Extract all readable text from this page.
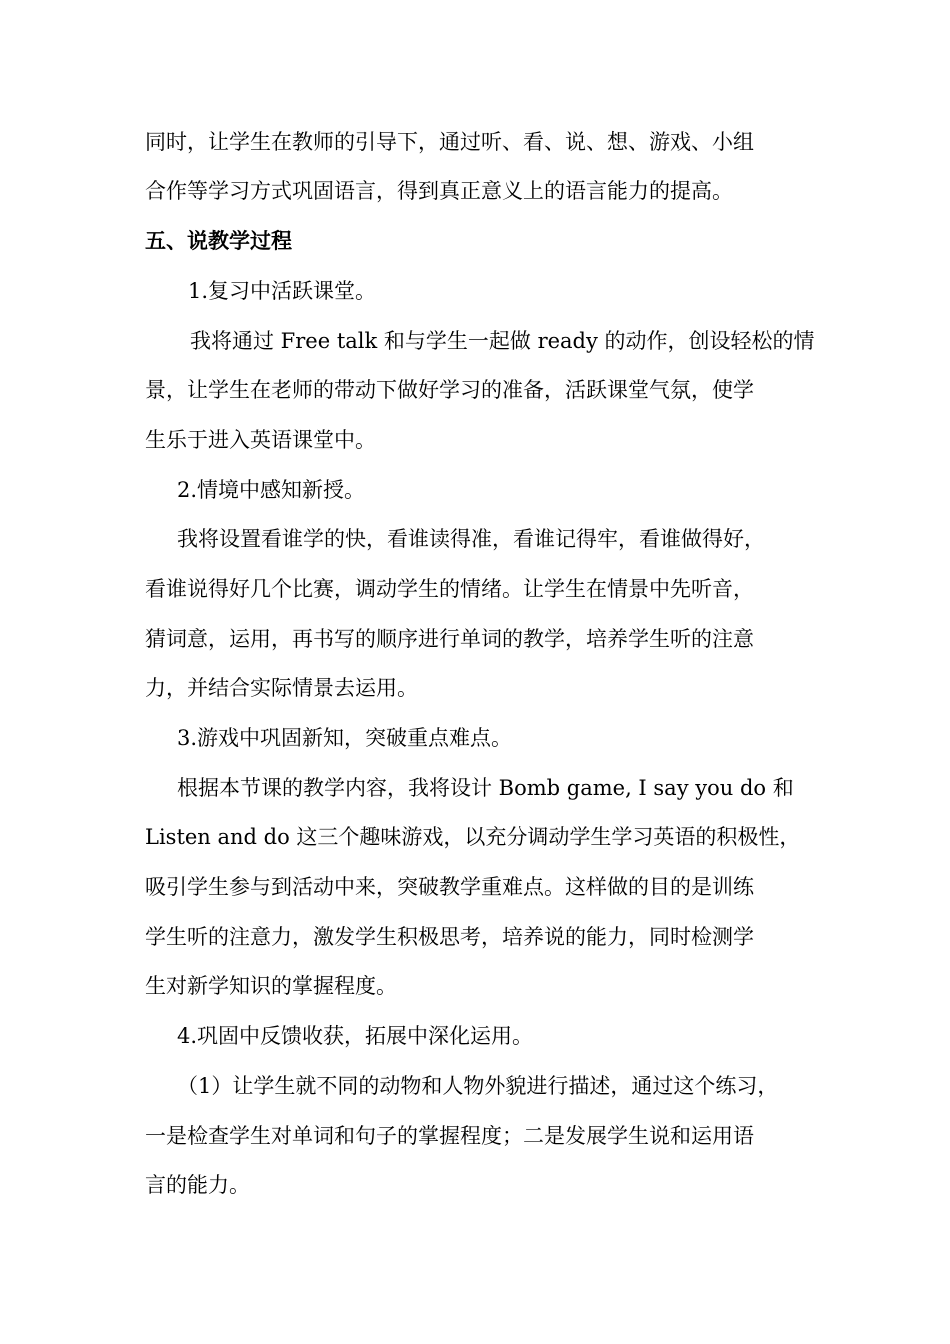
同时，让学生在教师的引导下，通过听、看、说、想、游戏、小组
合作等学习方式巩固语言，得到真正意义上的语言能力的提高。
五、说教学过程
1.复习中活跃课堂。
我将通过 Free talk 和与学生一起做 ready 的动作，创设轻松的情
景，让学生在老师的带动下做好学习的准备，活跃课堂气氛，使学
生乐于进入英语课堂中。
2.情境中感知新授。
我将设置看谁学的快，看谁读得准，看谁记得牢，看谁做得好，
看谁说得好几个比赛，调动学生的情绪。让学生在情景中先听音，
猜词意，运用，再书写的顺序进行单词的教学，培养学生听的注意
力，并结合实际情景去运用。
3.游戏中巩固新知，突破重点难点。
根据本节课的教学内容，我将设计 Bomb game, I say you do 和
Listen and do 这三个趣味游戏，以充分调动学生学习英语的积极性，
吸引学生参与到活动中来，突破教学重难点。这样做的目的是训练
学生听的注意力，激发学生积极思考，培养说的能力，同时检测学
生对新学知识的掌握程度。
4.巩固中反馈收获，拓展中深化运用。
（1）让学生就不同的动物和人物外貌进行描述，通过这个练习，
一是检查学生对单词和句子的掌握程度；二是发展学生说和运用语
言的能力。
